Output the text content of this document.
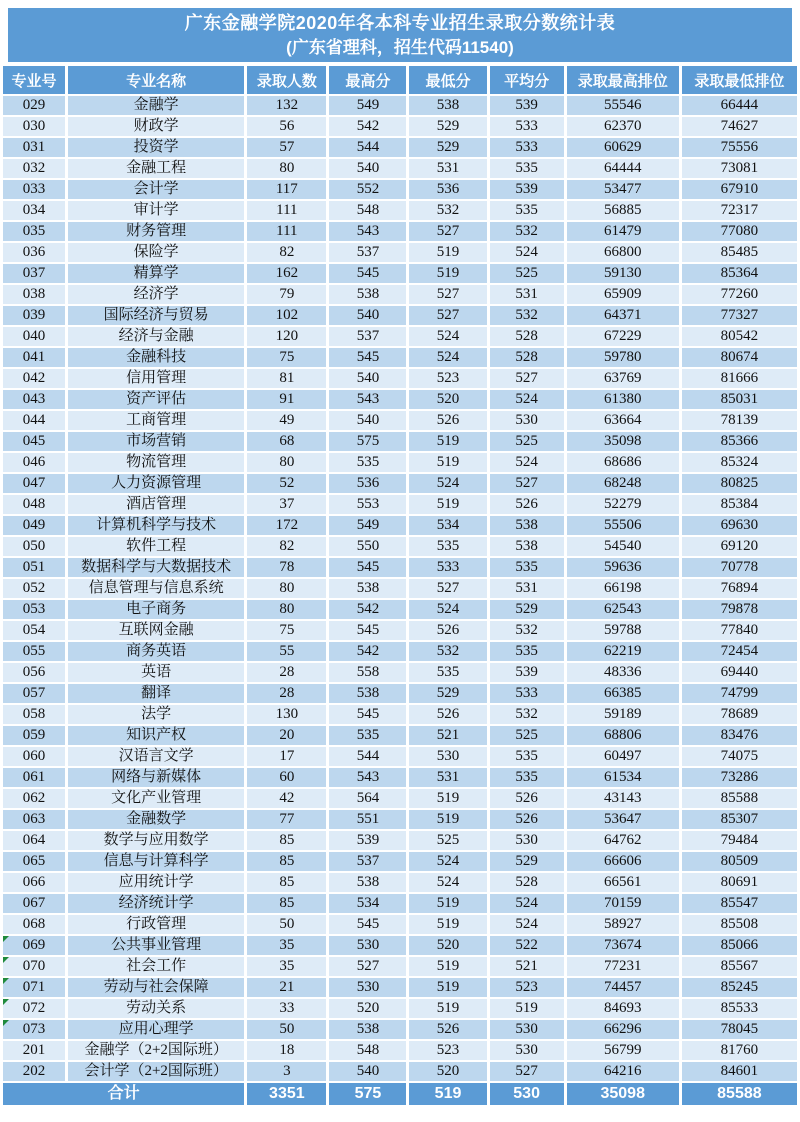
广东金融学院2020年各本科专业招生录取分数统计表
(广东省理科，招生代码11540)
专业号	专业名称	录取人数	最高分	最低分	平均分	录取最高排位	录取最低排位
029	金融学	132	549	538	539	55546	66444
030	财政学	56	542	529	533	62370	74627
031	投资学	57	544	529	533	60629	75556
032	金融工程	80	540	531	535	64444	73081
033	会计学	117	552	536	539	53477	67910
034	审计学	111	548	532	535	56885	72317
035	财务管理	111	543	527	532	61479	77080
036	保险学	82	537	519	524	66800	85485
037	精算学	162	545	519	525	59130	85364
038	经济学	79	538	527	531	65909	77260
039	国际经济与贸易	102	540	527	532	64371	77327
040	经济与金融	120	537	524	528	67229	80542
041	金融科技	75	545	524	528	59780	80674
042	信用管理	81	540	523	527	63769	81666
043	资产评估	91	543	520	524	61380	85031
044	工商管理	49	540	526	530	63664	78139
045	市场营销	68	575	519	525	35098	85366
046	物流管理	80	535	519	524	68686	85324
047	人力资源管理	52	536	524	527	68248	80825
048	酒店管理	37	553	519	526	52279	85384
049	计算机科学与技术	172	549	534	538	55506	69630
050	软件工程	82	550	535	538	54540	69120
051	数据科学与大数据技术	78	545	533	535	59636	70778
052	信息管理与信息系统	80	538	527	531	66198	76894
053	电子商务	80	542	524	529	62543	79878
054	互联网金融	75	545	526	532	59788	77840
055	商务英语	55	542	532	535	62219	72454
056	英语	28	558	535	539	48336	69440
057	翻译	28	538	529	533	66385	74799
058	法学	130	545	526	532	59189	78689
059	知识产权	20	535	521	525	68806	83476
060	汉语言文学	17	544	530	535	60497	74075
061	网络与新媒体	60	543	531	535	61534	73286
062	文化产业管理	42	564	519	526	43143	85588
063	金融数学	77	551	519	526	53647	85307
064	数学与应用数学	85	539	525	530	64762	79484
065	信息与计算科学	85	537	524	529	66606	80509
066	应用统计学	85	538	524	528	66561	80691
067	经济统计学	85	534	519	524	70159	85547
068	行政管理	50	545	519	524	58927	85508
069	公共事业管理	35	530	520	522	73674	85066
070	社会工作	35	527	519	521	77231	85567
071	劳动与社会保障	21	530	519	523	74457	85245
072	劳动关系	33	520	519	519	84693	85533
073	应用心理学	50	538	526	530	66296	78045
201	金融学（2+2国际班）	18	548	523	530	56799	81760
202	会计学（2+2国际班）	3	540	520	527	64216	84601
合计		3351	575	519	530	35098	85588
